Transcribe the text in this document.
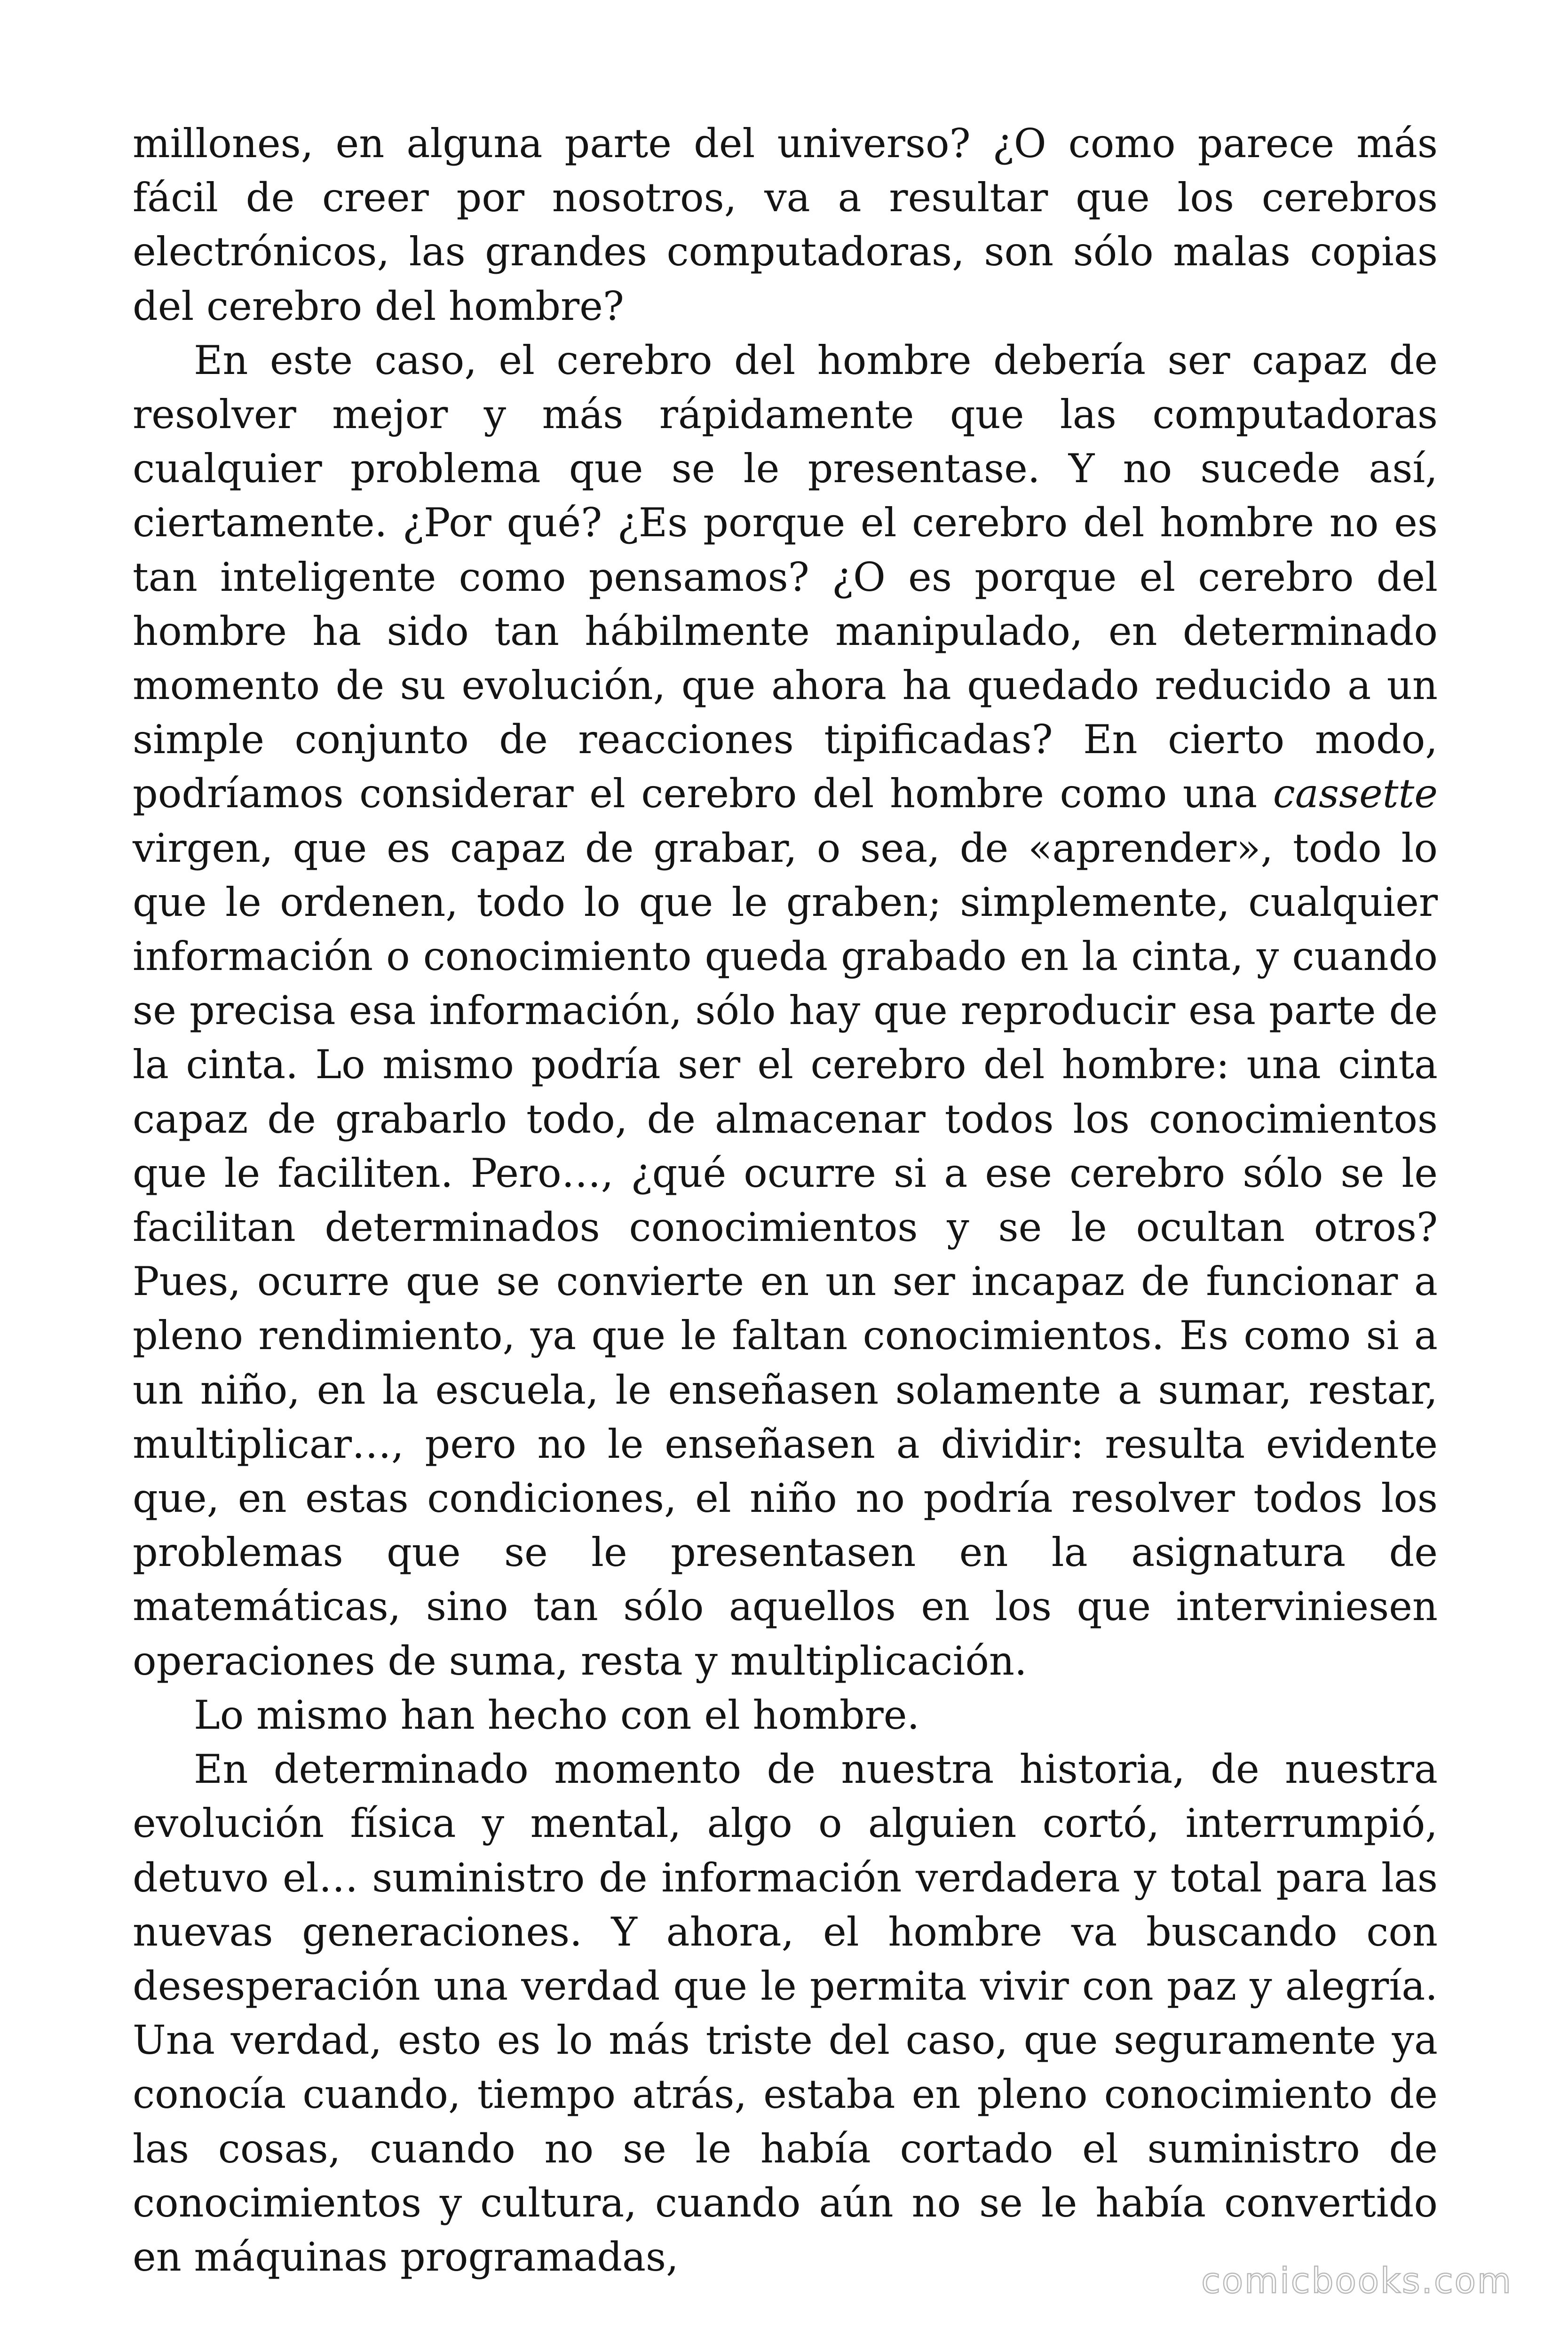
millones, en alguna parte del universo? ¿O como parece más fácil de creer por nosotros, va a resultar que los cerebros electrónicos, las grandes computadoras, son sólo malas copias del cerebro del hombre?

En este caso, el cerebro del hombre debería ser capaz de resolver mejor y más rápidamente que las computadoras cualquier problema que se le presentase. Y no sucede así, ciertamente. ¿Por qué? ¿Es porque el cerebro del hombre no es tan inteligente como pensamos? ¿O es porque el cerebro del hombre ha sido tan hábilmente manipulado, en determinado momento de su evolución, que ahora ha quedado reducido a un simple conjunto de reacciones tipificadas? En cierto modo, podríamos considerar el cerebro del hombre como una cassette virgen, que es capaz de grabar, o sea, de «aprender», todo lo que le ordenen, todo lo que le graben; simplemente, cualquier información o conocimiento queda grabado en la cinta, y cuando se precisa esa información, sólo hay que reproducir esa parte de la cinta. Lo mismo podría ser el cerebro del hombre: una cinta capaz de grabarlo todo, de almacenar todos los conocimientos que le faciliten. Pero…, ¿qué ocurre si a ese cerebro sólo se le facilitan determinados conocimientos y se le ocultan otros? Pues, ocurre que se convierte en un ser incapaz de funcionar a pleno rendimiento, ya que le faltan conocimientos. Es como si a un niño, en la escuela, le enseñasen solamente a sumar, restar, multiplicar…, pero no le enseñasen a dividir: resulta evidente que, en estas condiciones, el niño no podría resolver todos los problemas que se le presentasen en la asignatura de matemáticas, sino tan sólo aquellos en los que interviniesen operaciones de suma, resta y multiplicación.

Lo mismo han hecho con el hombre.

En determinado momento de nuestra historia, de nuestra evolución física y mental, algo o alguien cortó, interrumpió, detuvo el… suministro de información verdadera y total para las nuevas generaciones. Y ahora, el hombre va buscando con desesperación una verdad que le permita vivir con paz y alegría. Una verdad, esto es lo más triste del caso, que seguramente ya conocía cuando, tiempo atrás, estaba en pleno conocimiento de las cosas, cuando no se le había cortado el suministro de conocimientos y cultura, cuando aún no se le había convertido en máquinas programadas,

comicbooks.com
